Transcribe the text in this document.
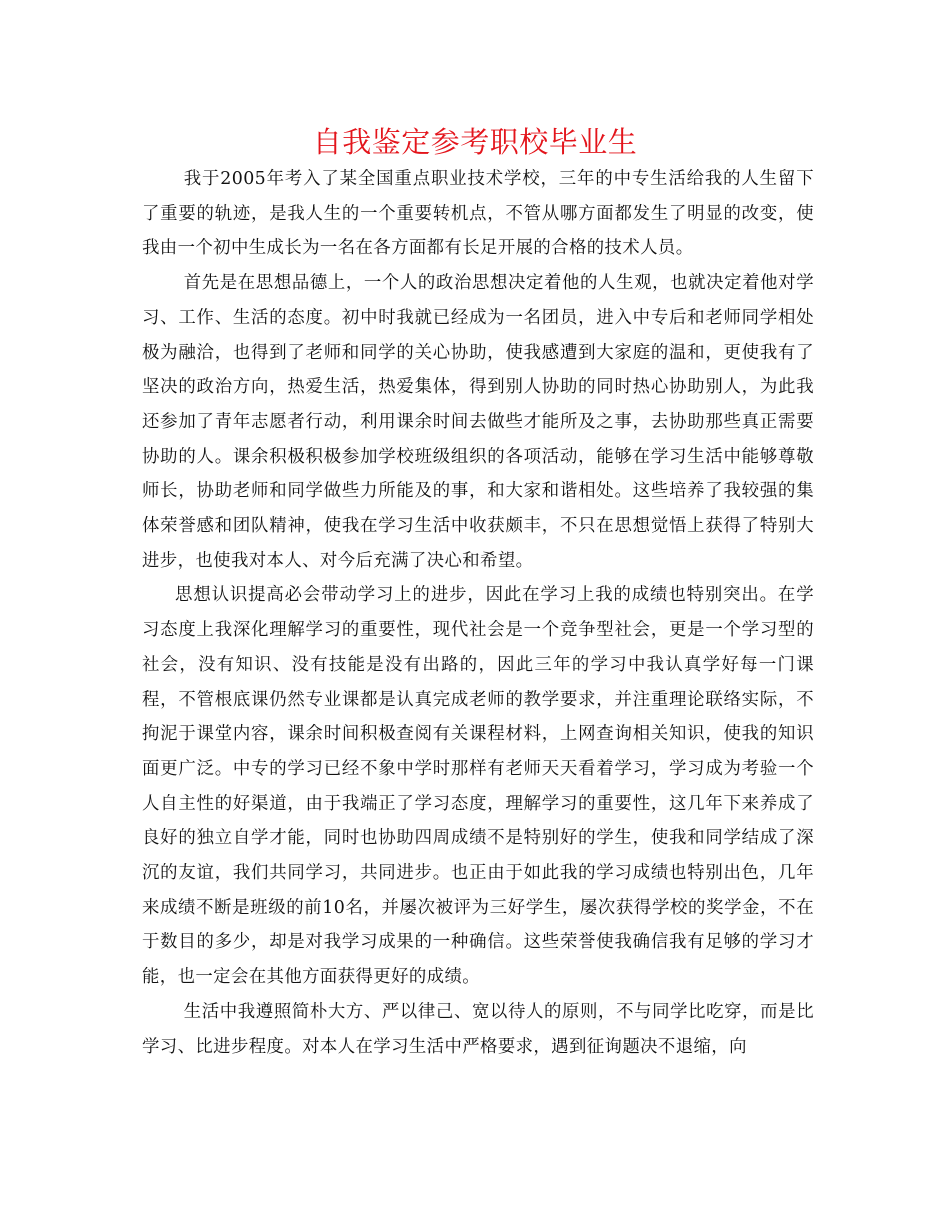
自我鉴定参考职校毕业生

我于2005年考入了某全国重点职业技术学校，三年的中专生活给我的人生留下了重要的轨迹，是我人生的一个重要转机点，不管从哪方面都发生了明显的改变，使我由一个初中生成长为一名在各方面都有长足开展的合格的技术人员。

首先是在思想品德上，一个人的政治思想决定着他的人生观，也就决定着他对学习、工作、生活的态度。初中时我就已经成为一名团员，进入中专后和老师同学相处极为融洽，也得到了老师和同学的关心协助，使我感遭到大家庭的温和，更使我有了坚决的政治方向，热爱生活，热爱集体，得到别人协助的同时热心协助别人，为此我还参加了青年志愿者行动，利用课余时间去做些才能所及之事，去协助那些真正需要协助的人。课余积极积极参加学校班级组织的各项活动，能够在学习生活中能够尊敬师长，协助老师和同学做些力所能及的事，和大家和谐相处。这些培养了我较强的集体荣誉感和团队精神，使我在学习生活中收获颇丰，不只在思想觉悟上获得了特别大进步，也使我对本人、对今后充满了决心和希望。

思想认识提高必会带动学习上的进步，因此在学习上我的成绩也特别突出。在学习态度上我深化理解学习的重要性，现代社会是一个竞争型社会，更是一个学习型的社会，没有知识、没有技能是没有出路的，因此三年的学习中我认真学好每一门课程，不管根底课仍然专业课都是认真完成老师的教学要求，并注重理论联络实际，不拘泥于课堂内容，课余时间积极查阅有关课程材料，上网查询相关知识，使我的知识面更广泛。中专的学习已经不象中学时那样有老师天天看着学习，学习成为考验一个人自主性的好渠道，由于我端正了学习态度，理解学习的重要性，这几年下来养成了良好的独立自学才能，同时也协助四周成绩不是特别好的学生，使我和同学结成了深沉的友谊，我们共同学习，共同进步。也正由于如此我的学习成绩也特别出色，几年来成绩不断是班级的前10名，并屡次被评为三好学生，屡次获得学校的奖学金，不在于数目的多少，却是对我学习成果的一种确信。这些荣誉使我确信我有足够的学习才能，也一定会在其他方面获得更好的成绩。

生活中我遵照简朴大方、严以律己、宽以待人的原则，不与同学比吃穿，而是比学习、比进步程度。对本人在学习生活中严格要求，遇到征询题决不退缩，向
